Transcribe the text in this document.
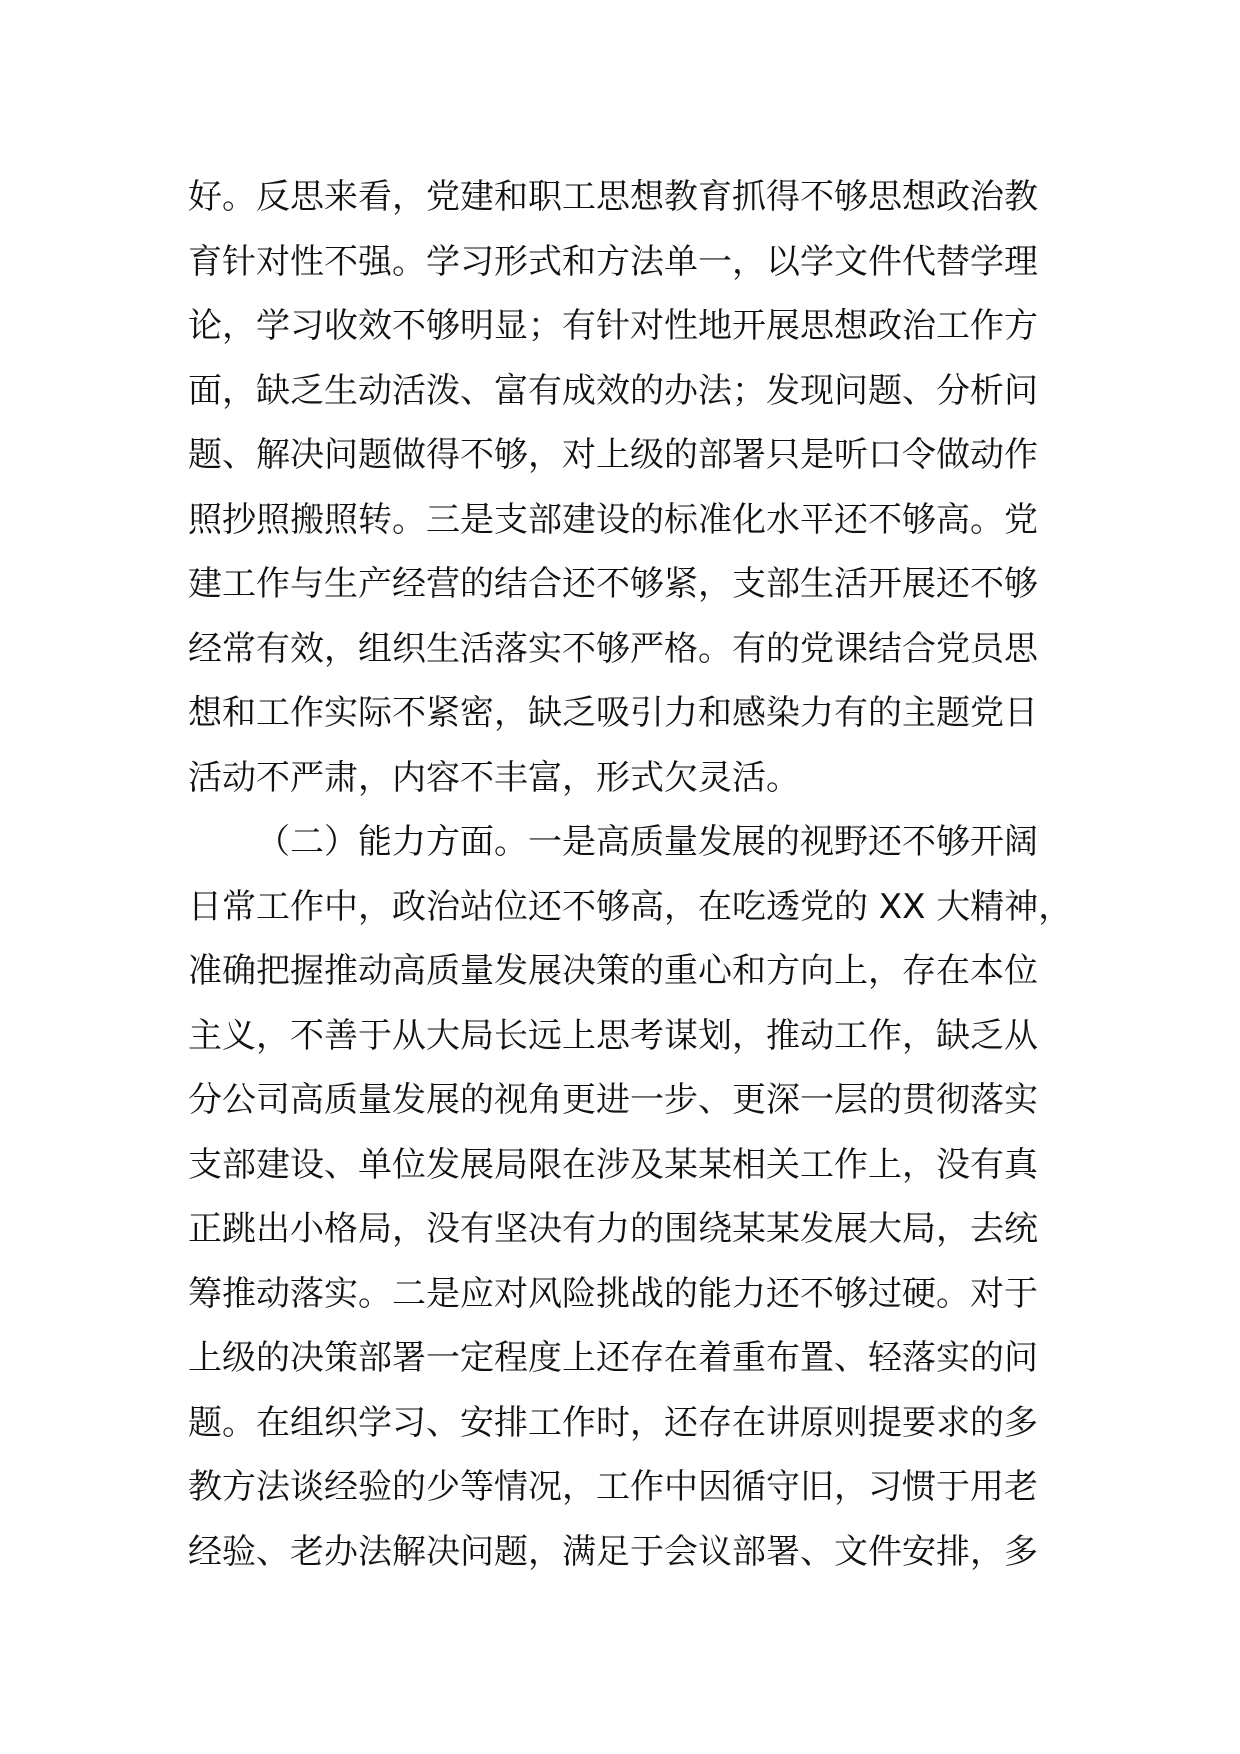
好。反思来看，党建和职工思想教育抓得不够思想政治教
育针对性不强。学习形式和方法单一，以学文件代替学理
论，学习收效不够明显；有针对性地开展思想政治工作方
面，缺乏生动活泼、富有成效的办法；发现问题、分析问
题、解决问题做得不够，对上级的部署只是听口令做动作
照抄照搬照转。三是支部建设的标准化水平还不够高。党
建工作与生产经营的结合还不够紧，支部生活开展还不够
经常有效，组织生活落实不够严格。有的党课结合党员思
想和工作实际不紧密，缺乏吸引力和感染力有的主题党日
活动不严肃，内容不丰富，形式欠灵活。
（二）能力方面。一是高质量发展的视野还不够开阔
日常工作中，政治站位还不够高，在吃透党的 XX 大精神，
准确把握推动高质量发展决策的重心和方向上，存在本位
主义，不善于从大局长远上思考谋划，推动工作，缺乏从
分公司高质量发展的视角更进一步、更深一层的贯彻落实
支部建设、单位发展局限在涉及某某相关工作上，没有真
正跳出小格局，没有坚决有力的围绕某某发展大局，去统
筹推动落实。二是应对风险挑战的能力还不够过硬。对于
上级的决策部署一定程度上还存在着重布置、轻落实的问
题。在组织学习、安排工作时，还存在讲原则提要求的多
教方法谈经验的少等情况，工作中因循守旧，习惯于用老
经验、老办法解决问题，满足于会议部署、文件安排，多
